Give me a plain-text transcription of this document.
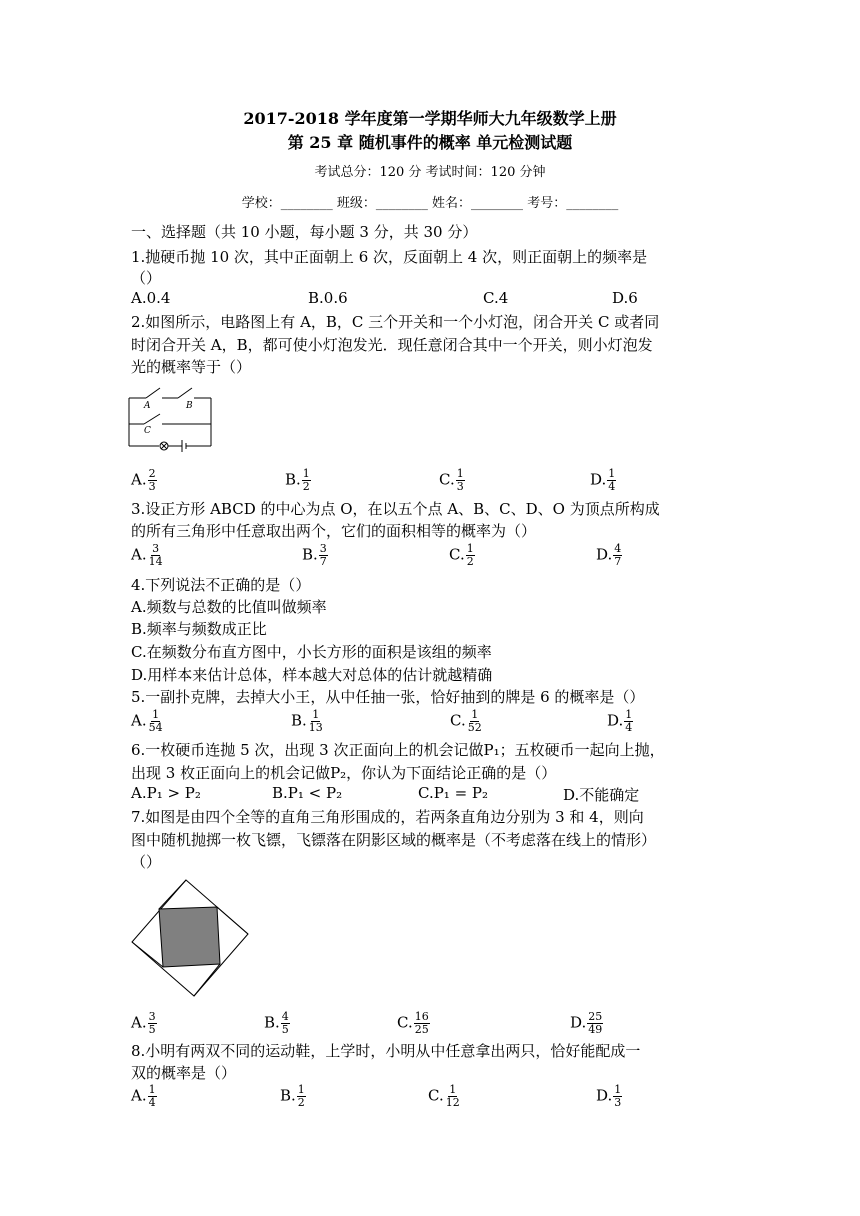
2017-2018 学年度第一学期华师大九年级数学上册
第 25 章 随机事件的概率 单元检测试题
考试总分：120 分 考试时间：120 分钟
学校：________ 班级：________ 姓名：________ 考号：________
一、选择题（共 10 小题，每小题 3 分，共 30 分）
1.抛硬币抛 10 次，其中正面朝上 6 次，反面朝上 4 次，则正面朝上的频率是
（）
A.0.4	B.0.6	C.4	D.6
2.如图所示，电路图上有 A，B，C 三个开关和一个小灯泡，闭合开关 C 或者同
时闭合开关 A，B，都可使小灯泡发光．现任意闭合其中一个开关，则小灯泡发
光的概率等于（）
A	B
C
A. $\frac{2}{3}$	B. $\frac{1}{2}$	C. $\frac{1}{3}$	D. $\frac{1}{4}$
3.设正方形 ABCD 的中心为点 O，在以五个点 A、B、C、D、O 为顶点所构成
的所有三角形中任意取出两个，它们的面积相等的概率为（）
A. $\frac{3}{14}$	B. $\frac{3}{7}$	C. $\frac{1}{2}$	D. $\frac{4}{7}$
4.下列说法不正确的是（）
A.频数与总数的比值叫做频率
B.频率与频数成正比
C.在频数分布直方图中，小长方形的面积是该组的频率
D.用样本来估计总体，样本越大对总体的估计就越精确
5.一副扑克牌，去掉大小王，从中任抽一张，恰好抽到的牌是 6 的概率是（）
A. $\frac{1}{54}$	B. $\frac{1}{13}$	C. $\frac{1}{52}$	D. $\frac{1}{4}$
6.一枚硬币连抛 5 次，出现 3 次正面向上的机会记做P₁；五枚硬币一起向上抛，
出现 3 枚正面向上的机会记做P₂，你认为下面结论正确的是（）
A.P₁ > P₂	B.P₁ < P₂	C.P₁ = P₂	D.不能确定
7.如图是由四个全等的直角三角形围成的，若两条直角边分别为 3 和 4，则向
图中随机抛掷一枚飞镖，飞镖落在阴影区域的概率是（不考虑落在线上的情形）
（）
A. $\frac{3}{5}$	B. $\frac{4}{5}$	C. $\frac{16}{25}$	D. $\frac{25}{49}$
8.小明有两双不同的运动鞋，上学时，小明从中任意拿出两只，恰好能配成一
双的概率是（）
A. $\frac{1}{4}$	B. $\frac{1}{2}$	C. $\frac{1}{12}$	D. $\frac{1}{3}$
